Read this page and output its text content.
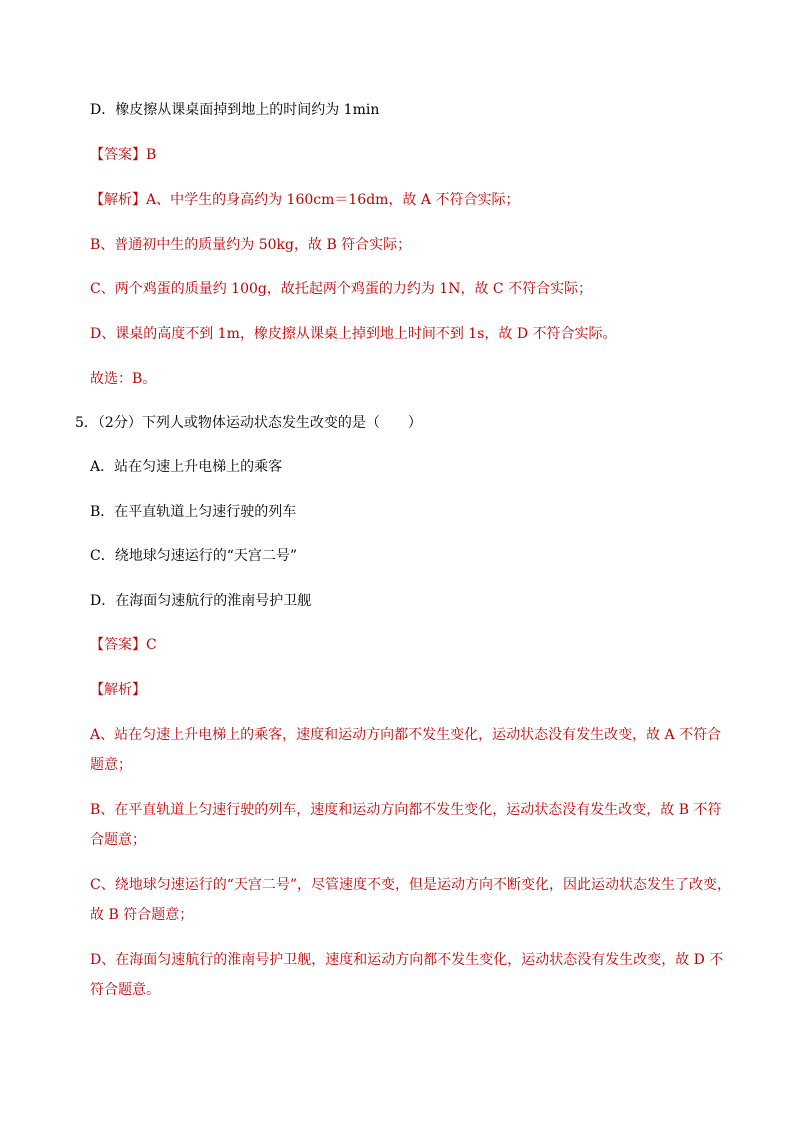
D．橡皮擦从课桌面掉到地上的时间约为 1min
【答案】B
【解析】A、中学生的身高约为 160cm＝16dm，故 A 不符合实际；
B、普通初中生的质量约为 50kg，故 B 符合实际；
C、两个鸡蛋的质量约 100g，故托起两个鸡蛋的力约为 1N，故 C 不符合实际；
D、课桌的高度不到 1m，橡皮擦从课桌上掉到地上时间不到 1s，故 D 不符合实际。
故选：B。
5．（2分）下列人或物体运动状态发生改变的是（　　）
A．站在匀速上升电梯上的乘客
B．在平直轨道上匀速行驶的列车
C．绕地球匀速运行的“天宫二号”
D．在海面匀速航行的淮南号护卫舰
【答案】C
【解析】
A、站在匀速上升电梯上的乘客，速度和运动方向都不发生变化，运动状态没有发生改变，故 A 不符合
题意；
B、在平直轨道上匀速行驶的列车，速度和运动方向都不发生变化，运动状态没有发生改变，故 B 不符
合题意；
C、绕地球匀速运行的“天宫二号”，尽管速度不变，但是运动方向不断变化，因此运动状态发生了改变，
故 B 符合题意；
D、在海面匀速航行的淮南号护卫舰，速度和运动方向都不发生变化，运动状态没有发生改变，故 D 不
符合题意。
